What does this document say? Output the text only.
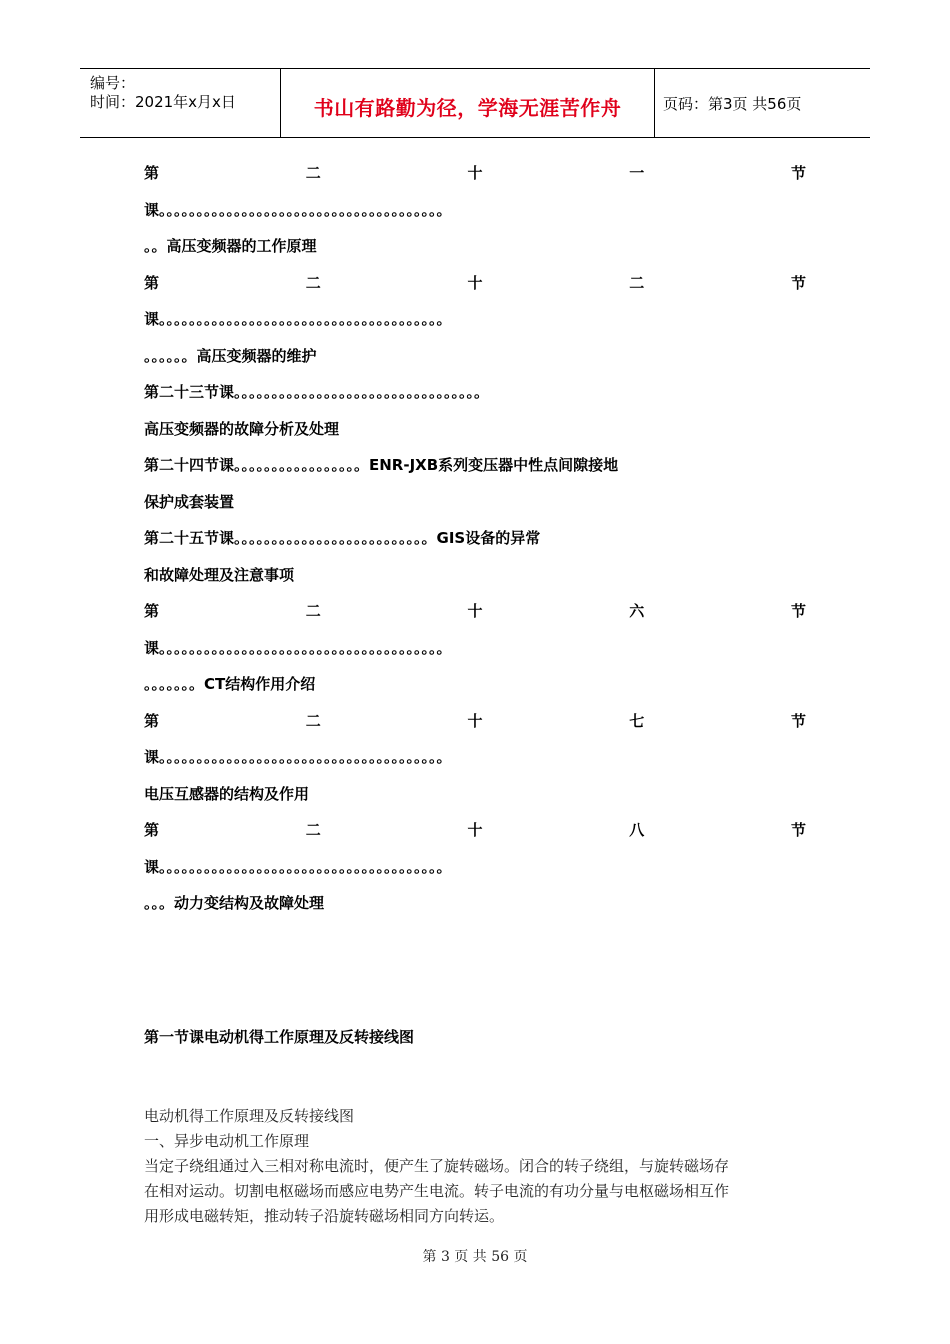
编号：
时间：2021年x月x日	书山有路勤为径，学海无涯苦作舟	页码：第3页 共56页
第	二	十	一	节
课。。。。。。。。。。。。。。。。。。。。。。。。。。。。。。。。。。。。。。
。。高压变频器的工作原理
第	二	十	二	节
课。。。。。。。。。。。。。。。。。。。。。。。。。。。。。。。。。。。。。。
。。。。。。高压变频器的维护
第二十三节课。。。。。。。。。。。。。。。。。。。。。。。。。。。。。。。。。
高压变频器的故障分析及处理
第二十四节课。。。。。。。。。。。。。。。。。ENR-JXB系列变压器中性点间隙接地
保护成套装置
第二十五节课。。。。。。。。。。。。。。。。。。。。。。。。。。GIS设备的异常
和故障处理及注意事项
第	二	十	六	节
课。。。。。。。。。。。。。。。。。。。。。。。。。。。。。。。。。。。。。。
。。。。。。。CT结构作用介绍
第	二	十	七	节
课。。。。。。。。。。。。。。。。。。。。。。。。。。。。。。。。。。。。。。
电压互感器的结构及作用
第	二	十	八	节
课。。。。。。。。。。。。。。。。。。。。。。。。。。。。。。。。。。。。。。
。。。动力变结构及故障处理
第一节课电动机得工作原理及反转接线图

电动机得工作原理及反转接线图

一、异步电动机工作原理

当定子绕组通过入三相对称电流时，便产生了旋转磁场。闭合的转子绕组，与旋转磁场存

在相对运动。切割电枢磁场而感应电势产生电流。转子电流的有功分量与电枢磁场相互作

用形成电磁转矩，推动转子沿旋转磁场相同方向转运。

第 3 页 共 56 页
